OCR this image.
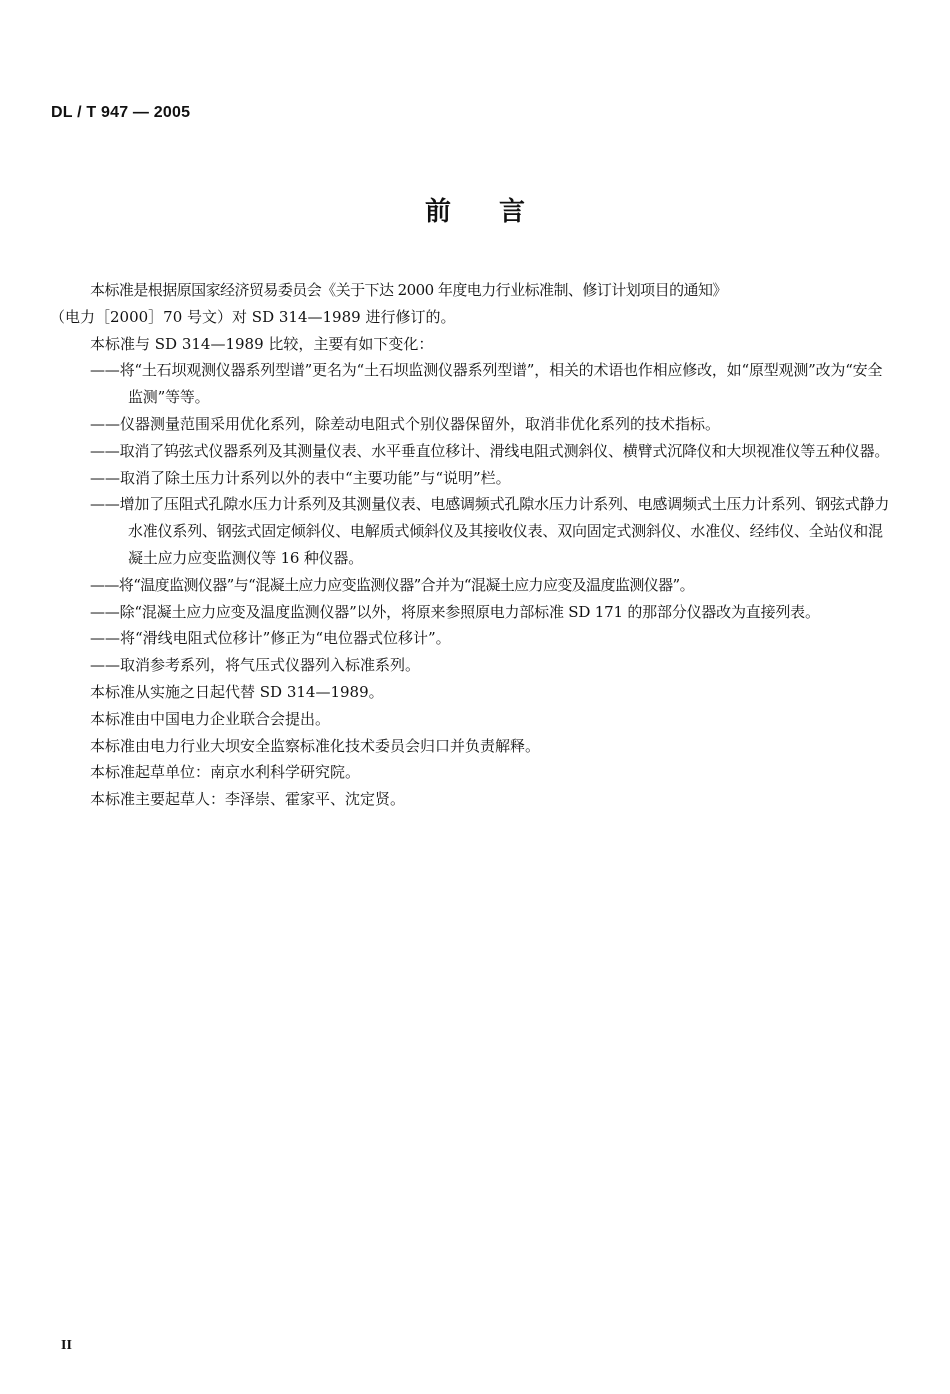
DL / T 947 — 2005
前言

本标准是根据原国家经济贸易委员会《关于下达 2000 年度电力行业标准制、修订计划项目的通知》

（电力［2000］70 号文）对 SD 314—1989 进行修订的。

本标准与 SD 314—1989 比较，主要有如下变化：

——将“土石坝观测仪器系列型谱”更名为“土石坝监测仪器系列型谱”，相关的术语也作相应修改，如“原型观测”改为“安全监测”等等。

——仪器测量范围采用优化系列，除差动电阻式个别仪器保留外，取消非优化系列的技术指标。

——取消了钨弦式仪器系列及其测量仪表、水平垂直位移计、滑线电阻式测斜仪、横臂式沉降仪和大坝视准仪等五种仪器。

——取消了除土压力计系列以外的表中“主要功能”与“说明”栏。

——增加了压阻式孔隙水压力计系列及其测量仪表、电感调频式孔隙水压力计系列、电感调频式土压力计系列、钢弦式静力水准仪系列、钢弦式固定倾斜仪、电解质式倾斜仪及其接收仪表、双向固定式测斜仪、水准仪、经纬仪、全站仪和混凝土应力应变监测仪等 16 种仪器。

——将“温度监测仪器”与“混凝土应力应变监测仪器”合并为“混凝土应力应变及温度监测仪器”。

——除“混凝土应力应变及温度监测仪器”以外，将原来参照原电力部标准 SD 171 的那部分仪器改为直接列表。

——将“滑线电阻式位移计”修正为“电位器式位移计”。

——取消参考系列，将气压式仪器列入标准系列。

本标准从实施之日起代替 SD 314—1989。

本标准由中国电力企业联合会提出。

本标准由电力行业大坝安全监察标准化技术委员会归口并负责解释。

本标准起草单位：南京水利科学研究院。

本标准主要起草人：李泽崇、霍家平、沈定贤。

II
